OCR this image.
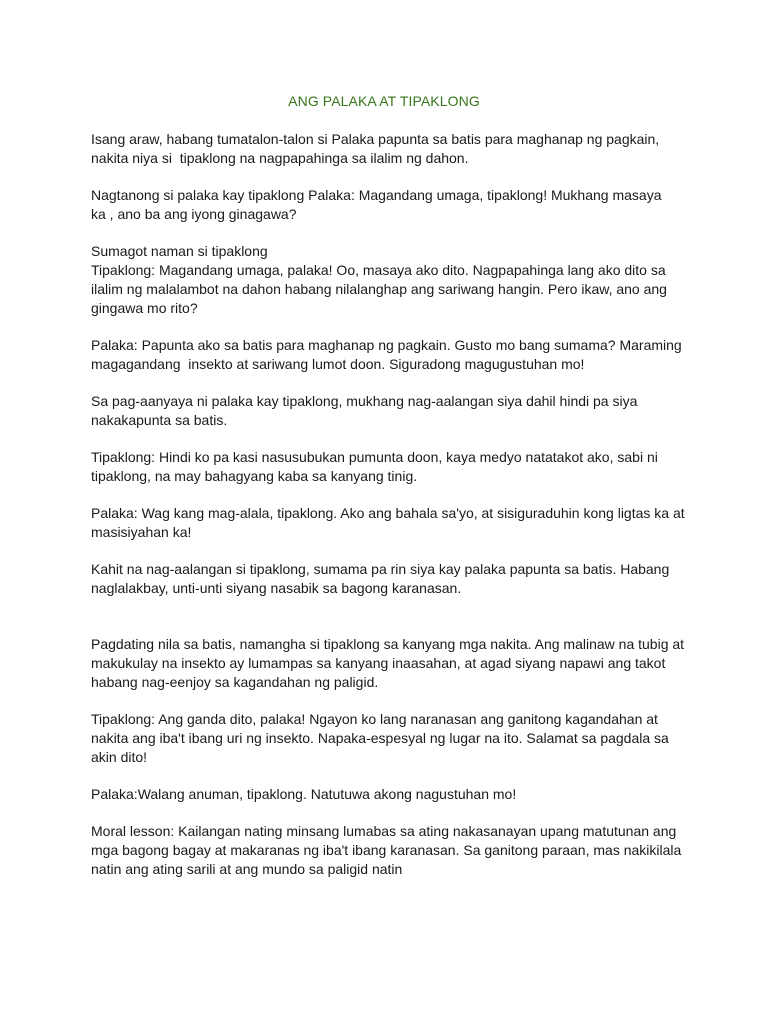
ANG PALAKA AT TIPAKLONG
Isang araw, habang tumatalon-talon si Palaka papunta sa batis para maghanap ng pagkain,
nakita niya si  tipaklong na nagpapahinga sa ilalim ng dahon.
Nagtanong si palaka kay tipaklong Palaka: Magandang umaga, tipaklong! Mukhang masaya
ka , ano ba ang iyong ginagawa?
Sumagot naman si tipaklong
Tipaklong: Magandang umaga, palaka! Oo, masaya ako dito. Nagpapahinga lang ako dito sa
ilalim ng malalambot na dahon habang nilalanghap ang sariwang hangin. Pero ikaw, ano ang
gingawa mo rito?
Palaka: Papunta ako sa batis para maghanap ng pagkain. Gusto mo bang sumama? Maraming
magagandang  insekto at sariwang lumot doon. Siguradong magugustuhan mo!
Sa pag-aanyaya ni palaka kay tipaklong, mukhang nag-aalangan siya dahil hindi pa siya
nakakapunta sa batis.
Tipaklong: Hindi ko pa kasi nasusubukan pumunta doon, kaya medyo natatakot ako, sabi ni
tipaklong, na may bahagyang kaba sa kanyang tinig.
Palaka: Wag kang mag-alala, tipaklong. Ako ang bahala sa'yo, at sisiguraduhin kong ligtas ka at
masisiyahan ka!
Kahit na nag-aalangan si tipaklong, sumama pa rin siya kay palaka papunta sa batis. Habang
naglalakbay, unti-unti siyang nasabik sa bagong karanasan.
Pagdating nila sa batis, namangha si tipaklong sa kanyang mga nakita. Ang malinaw na tubig at
makukulay na insekto ay lumampas sa kanyang inaasahan, at agad siyang napawi ang takot
habang nag-eenjoy sa kagandahan ng paligid.
Tipaklong: Ang ganda dito, palaka! Ngayon ko lang naranasan ang ganitong kagandahan at
nakita ang iba't ibang uri ng insekto. Napaka-espesyal ng lugar na ito. Salamat sa pagdala sa
akin dito!
Palaka:Walang anuman, tipaklong. Natutuwa akong nagustuhan mo!
Moral lesson: Kailangan nating minsang lumabas sa ating nakasanayan upang matutunan ang
mga bagong bagay at makaranas ng iba't ibang karanasan. Sa ganitong paraan, mas nakikilala
natin ang ating sarili at ang mundo sa paligid natin
